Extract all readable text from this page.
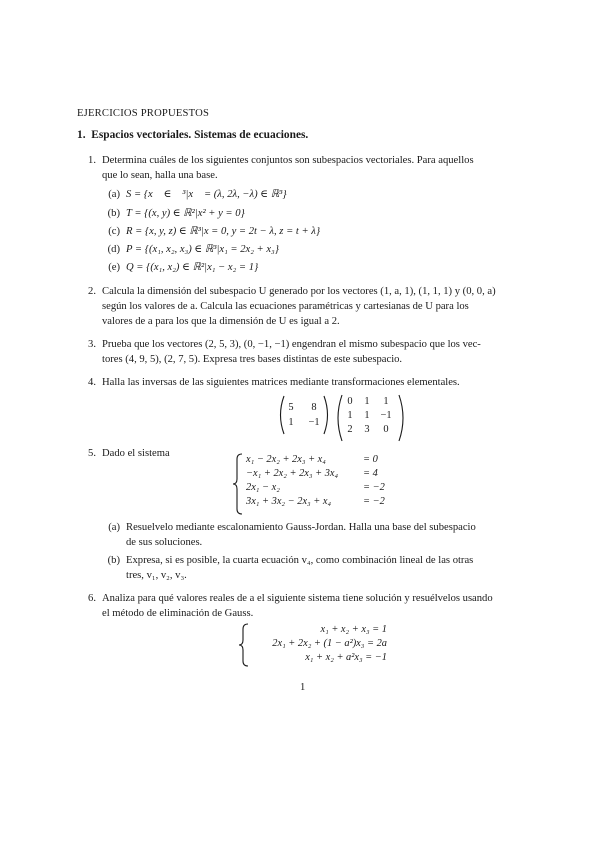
EJERCICIOS PROPUESTOS
1. Espacios vectoriales. Sistemas de ecuaciones.
1. Determina cuáles de los siguientes conjuntos son subespacios vectoriales. Para aquellos
que lo sean, halla una base.
(a) S = {x⃗ ∈ ℝ³|x⃗ = (λ, 2λ, −λ) ∈ ℝ³}
(b) T = {(x, y) ∈ ℝ²|x² + y = 0}
(c) R = {x, y, z) ∈ ℝ³|x = 0, y = 2t − λ, z = t + λ}
(d) P = {(x₁, x₂, x₃) ∈ ℝ³|x₁ = 2x₂ + x₃}
(e) Q = {(x₁, x₂) ∈ ℝ²|x₁ − x₂ = 1}
2. Calcula la dimensión del subespacio U generado por los vectores (1, a, 1), (1, 1, 1) y (0, 0, a)
según los valores de a. Calcula las ecuaciones paramétricas y cartesianas de U para los
valores de a para los que la dimensión de U es igual a 2.
3. Prueba que los vectores (2, 5, 3), (0, −1, −1) engendran el mismo subespacio que los vec-
tores (4, 9, 5), (2, 7, 5). Expresa tres bases distintas de este subespacio.
4. Halla las inversas de las siguientes matrices mediante transformaciones elementales.
5	8
1	−1
0	1	1
1	1	−1
2	3	0
5. Dado el sistema
x₁ − 2x₂ + 2x₃ + x₄	= 0
−x₁ + 2x₂ + 2x₃ + 3x₄ = 4
2x₁ − x₂	= −2
3x₁ + 3x₂ − 2x₃ + x₄	= −2
(a) Resuelvelo mediante escalonamiento Gauss-Jordan. Halla una base del subespacio
de sus soluciones.
(b) Expresa, si es posible, la cuarta ecuación v₄, como combinación lineal de las otras
tres, v₁, v₂, v₃.
6. Analiza para qué valores reales de a el siguiente sistema tiene solución y resuélvelos usando
el método de eliminación de Gauss.
x₁ + x₂ + x₃ = 1
2x₁ + 2x₂ + (1 − a²)x₃ = 2a
x₁ + x₂ + a²x₃ = −1
1
